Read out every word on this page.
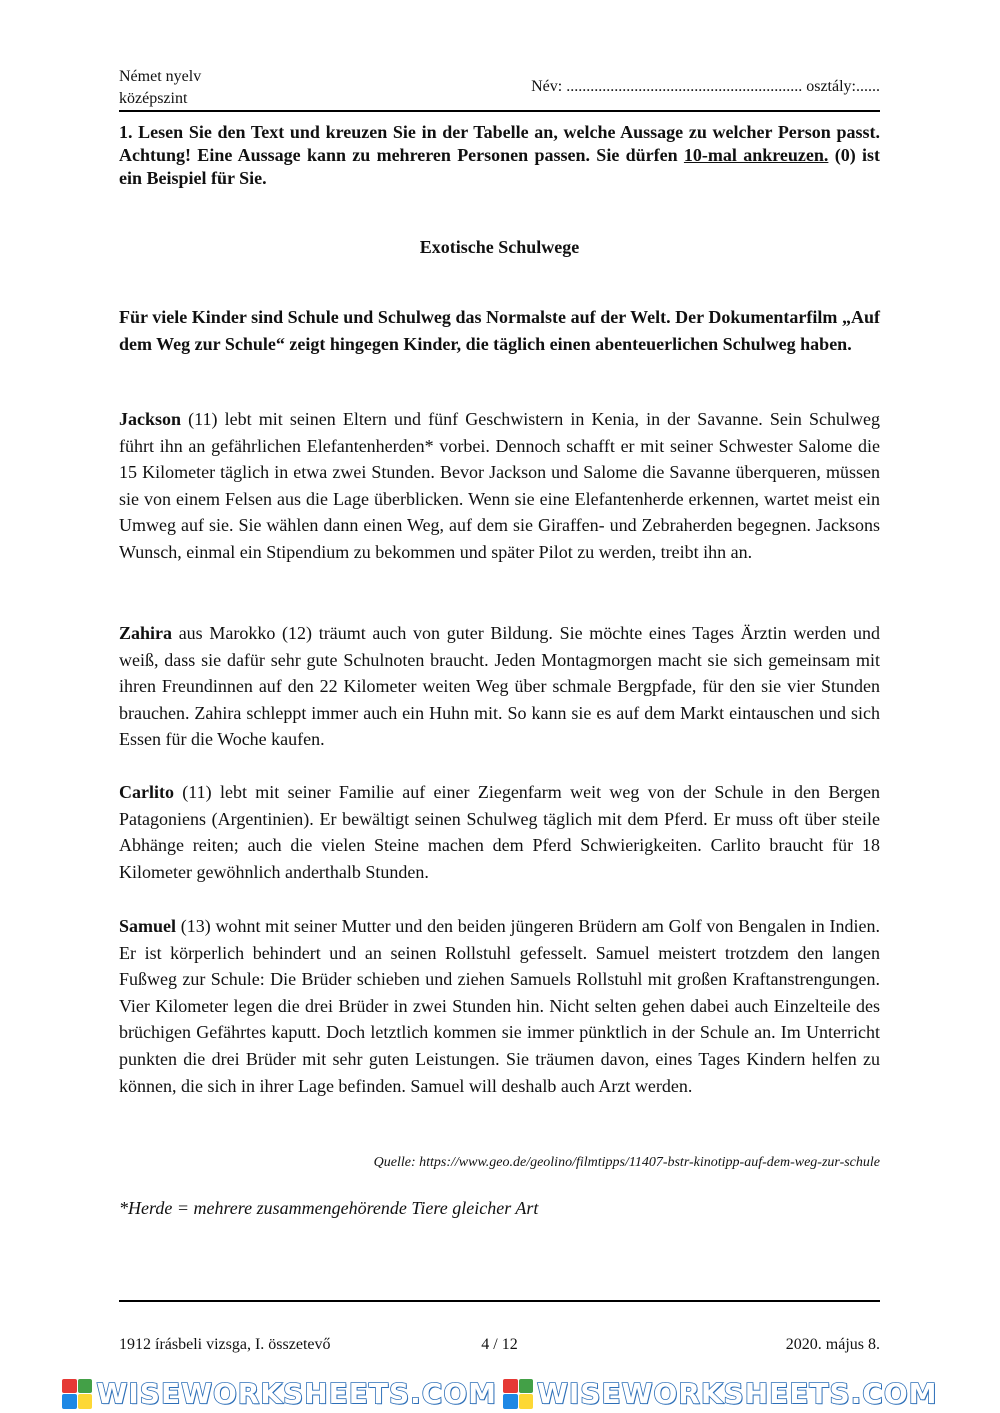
Német nyelv
középszint
Név: ........................................................... osztály:......
1. Lesen Sie den Text und kreuzen Sie in der Tabelle an, welche Aussage zu welcher Person passt. Achtung! Eine Aussage kann zu mehreren Personen passen. Sie dürfen 10-mal ankreuzen. (0) ist ein Beispiel für Sie.
Exotische Schulwege
Für viele Kinder sind Schule und Schulweg das Normalste auf der Welt. Der Dokumentarfilm „Auf dem Weg zur Schule“ zeigt hingegen Kinder, die täglich einen abenteuerlichen Schulweg haben.
Jackson (11) lebt mit seinen Eltern und fünf Geschwistern in Kenia, in der Savanne. Sein Schulweg führt ihn an gefährlichen Elefantenherden* vorbei. Dennoch schafft er mit seiner Schwester Salome die 15 Kilometer täglich in etwa zwei Stunden. Bevor Jackson und Salome die Savanne überqueren, müssen sie von einem Felsen aus die Lage überblicken. Wenn sie eine Elefantenherde erkennen, wartet meist ein Umweg auf sie. Sie wählen dann einen Weg, auf dem sie Giraffen- und Zebraherden begegnen. Jacksons Wunsch, einmal ein Stipendium zu bekommen und später Pilot zu werden, treibt ihn an.
Zahira aus Marokko (12) träumt auch von guter Bildung. Sie möchte eines Tages Ärztin werden und weiß, dass sie dafür sehr gute Schulnoten braucht. Jeden Montagmorgen macht sie sich gemeinsam mit ihren Freundinnen auf den 22 Kilometer weiten Weg über schmale Bergpfade, für den sie vier Stunden brauchen. Zahira schleppt immer auch ein Huhn mit. So kann sie es auf dem Markt eintauschen und sich Essen für die Woche kaufen.
Carlito (11) lebt mit seiner Familie auf einer Ziegenfarm weit weg von der Schule in den Bergen Patagoniens (Argentinien). Er bewältigt seinen Schulweg täglich mit dem Pferd. Er muss oft über steile Abhänge reiten; auch die vielen Steine machen dem Pferd Schwierigkeiten. Carlito braucht für 18 Kilometer gewöhnlich anderthalb Stunden.
Samuel (13) wohnt mit seiner Mutter und den beiden jüngeren Brüdern am Golf von Bengalen in Indien. Er ist körperlich behindert und an seinen Rollstuhl gefesselt. Samuel meistert trotzdem den langen Fußweg zur Schule: Die Brüder schieben und ziehen Samuels Rollstuhl mit großen Kraftanstrengungen. Vier Kilometer legen die drei Brüder in zwei Stunden hin. Nicht selten gehen dabei auch Einzelteile des brüchigen Gefährtes kaputt. Doch letztlich kommen sie immer pünktlich in der Schule an. Im Unterricht punkten die drei Brüder mit sehr guten Leistungen. Sie träumen davon, eines Tages Kindern helfen zu können, die sich in ihrer Lage befinden. Samuel will deshalb auch Arzt werden.
Quelle: https://www.geo.de/geolino/filmtipps/11407-bstr-kinotipp-auf-dem-weg-zur-schule
*Herde = mehrere zusammengehörende Tiere gleicher Art
1912 írásbeli vizsga, I. összetevő	4 / 12	2020. május 8.
WISEWORKSHEETS.COM WISEWORKSHEETS.COM
